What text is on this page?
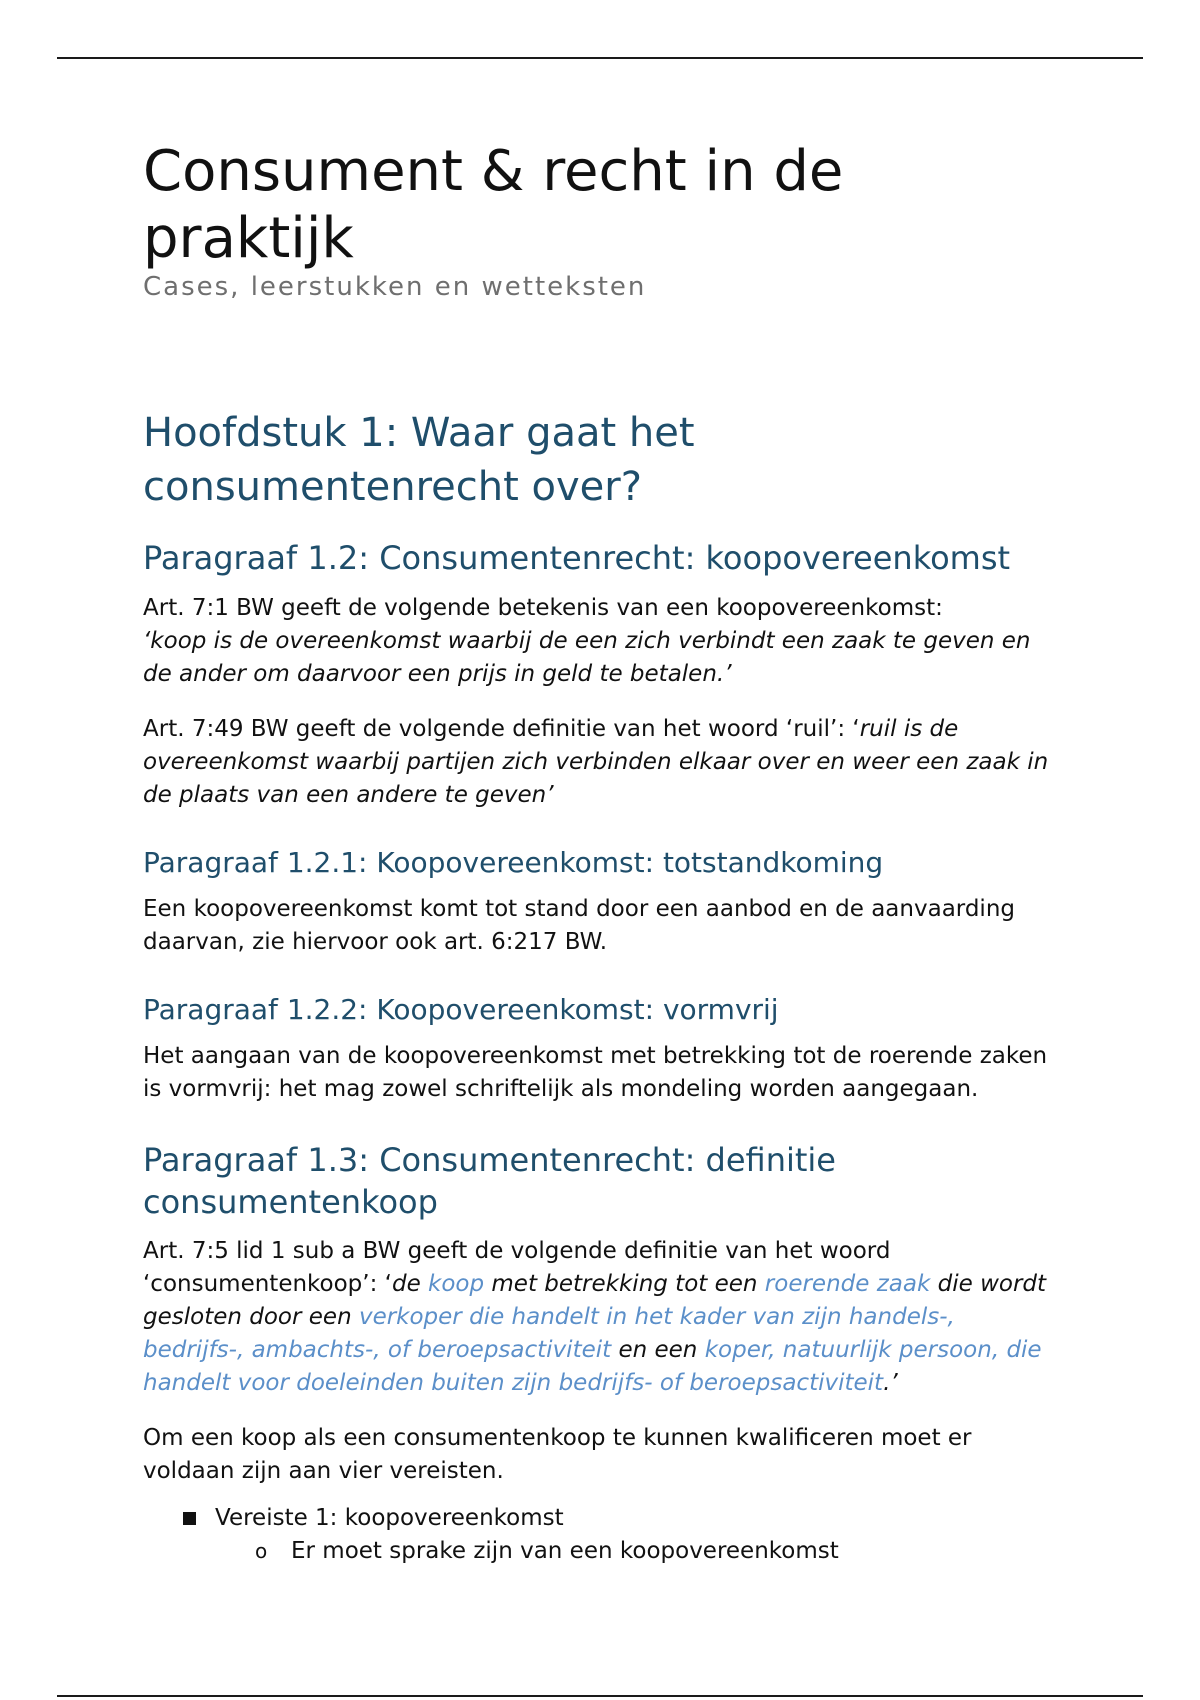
Consument & recht in de praktijk
Cases, leerstukken en wetteksten
Hoofdstuk 1: Waar gaat het consumentenrecht over?
Paragraaf 1.2: Consumentenrecht: koopovereenkomst

Art. 7:1 BW geeft de volgende betekenis van een koopovereenkomst:
‘koop is de overeenkomst waarbij de een zich verbindt een zaak te geven en de ander om daarvoor een prijs in geld te betalen.’

Art. 7:49 BW geeft de volgende definitie van het woord ‘ruil’: ‘ruil is de overeenkomst waarbij partijen zich verbinden elkaar over en weer een zaak in de plaats van een andere te geven’

Paragraaf 1.2.1: Koopovereenkomst: totstandkoming

Een koopovereenkomst komt tot stand door een aanbod en de aanvaarding daarvan, zie hiervoor ook art. 6:217 BW.

Paragraaf 1.2.2: Koopovereenkomst: vormvrij

Het aangaan van de koopovereenkomst met betrekking tot de roerende zaken is vormvrij: het mag zowel schriftelijk als mondeling worden aangegaan.

Paragraaf 1.3: Consumentenrecht: definitie consumentenkoop

Art. 7:5 lid 1 sub a BW geeft de volgende definitie van het woord ‘consumentenkoop’: ‘de koop met betrekking tot een roerende zaak die wordt gesloten door een verkoper die handelt in het kader van zijn handels-, bedrijfs-, ambachts-, of beroepsactiviteit en een koper, natuurlijk persoon, die handelt voor doeleinden buiten zijn bedrijfs- of beroepsactiviteit.’

Om een koop als een consumentenkoop te kunnen kwalificeren moet er voldaan zijn aan vier vereisten.

Vereiste 1: koopovereenkomst
o Er moet sprake zijn van een koopovereenkomst
